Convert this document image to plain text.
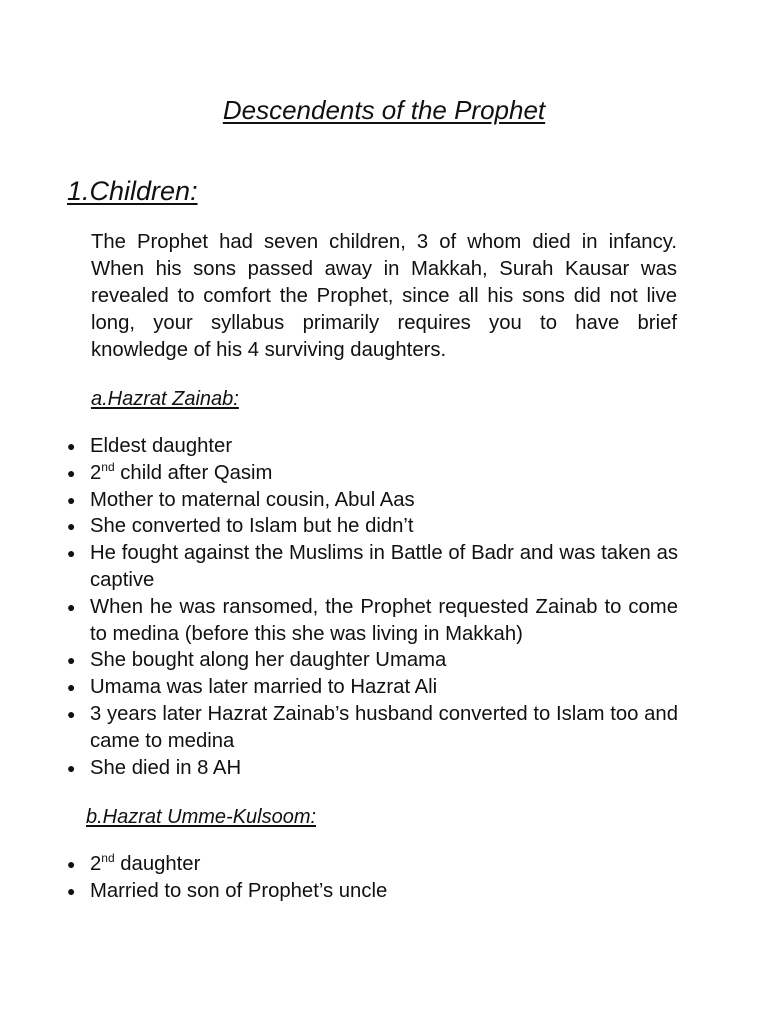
Descendents of the Prophet
1.Children:

The Prophet had seven children, 3 of whom died in infancy. When his sons passed away in Makkah, Surah Kausar was revealed to comfort the Prophet, since all his sons did not live long, your syllabus primarily requires you to have brief knowledge of his 4 surviving daughters.

a.Hazrat Zainab:
● Eldest daughter
● 2nd child after Qasim
● Mother to maternal cousin, Abul Aas
● She converted to Islam but he didn’t
● He fought against the Muslims in Battle of Badr and was taken as captive
● When he was ransomed, the Prophet requested Zainab to come to medina (before this she was living in Makkah)
● She bought along her daughter Umama
● Umama was later married to Hazrat Ali
● 3 years later Hazrat Zainab’s husband converted to Islam too and came to medina
● She died in 8 AH
b.Hazrat Umme-Kulsoom:
● 2nd daughter
● Married to son of Prophet’s uncle
